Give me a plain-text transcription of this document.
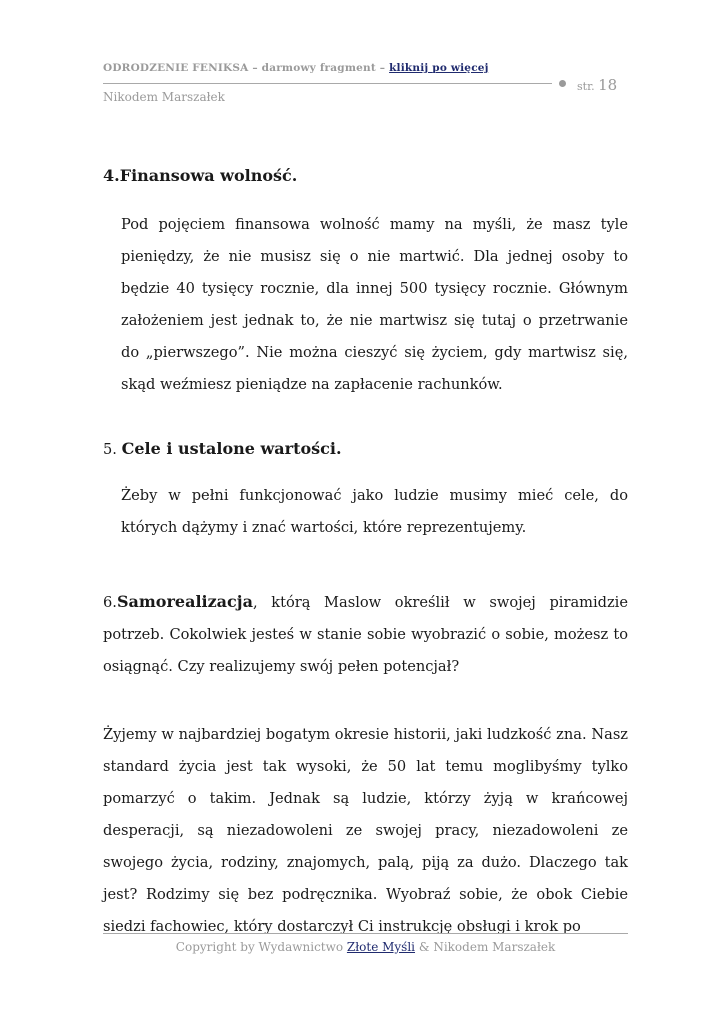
ODRODZENIE FENIKSA – darmowy fragment – kliknij po więcej
str. 18
Nikodem Marszałek
4.Finansowa wolność.

Pod pojęciem finansowa wolność mamy na myśli, że masz tyle pieniędzy, że nie musisz się o nie martwić. Dla jednej osoby to będzie 40 tysięcy rocznie, dla innej 500 tysięcy rocznie. Głównym założeniem jest jednak to, że nie martwisz się tutaj o przetrwanie do „pierwszego”. Nie można cieszyć się życiem, gdy martwisz się, skąd weźmiesz pieniądze na zapłacenie rachunków.

5. Cele i ustalone wartości.

Żeby w pełni funkcjonować jako ludzie musimy mieć cele, do których dążymy i znać wartości, które reprezentujemy.

6.Samorealizacja, którą Maslow określił w swojej piramidzie potrzeb. Cokolwiek jesteś w stanie sobie wyobrazić o sobie, możesz to osiągnąć. Czy realizujemy swój pełen potencjał?

Żyjemy w najbardziej bogatym okresie historii, jaki ludzkość zna. Nasz standard życia jest tak wysoki, że 50 lat temu moglibyśmy tylko pomarzyć o takim. Jednak są ludzie, którzy żyją w krańcowej desperacji, są niezadowoleni ze swojej pracy, niezadowoleni ze swojego życia, rodziny, znajomych, palą, piją za dużo. Dlaczego tak jest? Rodzimy się bez podręcznika. Wyobraź sobie, że obok Ciebie siedzi fachowiec, który dostarczył Ci instrukcję obsługi i krok po

Copyright by Wydawnictwo Złote Myśli & Nikodem Marszałek
